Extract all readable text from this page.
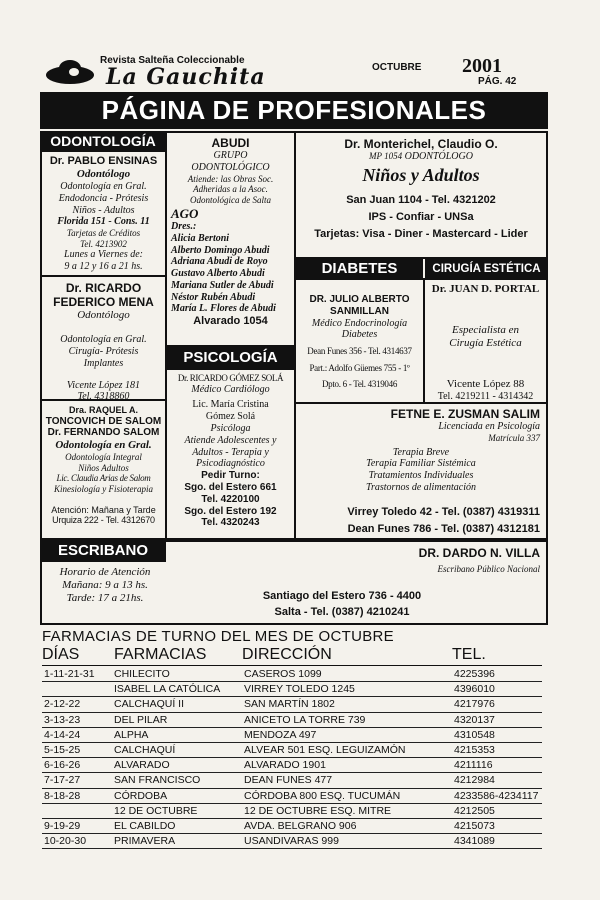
Revista Salteña Coleccionable
La Gauchita	OCTUBRE 2001
PÁG. 42
PÁGINA DE PROFESIONALES
ODONTOLOGÍA
Dr. PABLO ENSINAS
Odontólogo
Odontología en Gral.
Endodoncia - Prótesis
Niños - Adultos
Florida 151 - Cons. 11
Tarjetas de Créditos
Tel. 4213902
Lunes a Viernes de:
9 a 12 y 16 a 21 hs.
Dr. RICARDO
FEDERICO MENA
Odontólogo
Odontología en Gral.
Cirugía- Prótesis
Implantes
Vicente López 181
Tel. 4318860
ABUDI
GRUPO
ODONTOLÓGICO
Atiende: las Obras Soc.
Adheridas a la Asoc.
Odontológica de Salta
AGO
Dres.:
Alicia Bertoni
Alberto Domingo Abudi
Adriana Abudi de Royo
Gustavo Alberto Abudi
Mariana Sutler de Abudi
Néstor Rubén Abudi
María L. Flores de Abudi
Alvarado 1054
Dr. Monterichel, Claudio O.
MP 1054 ODONTÓLOGO
Niños y Adultos
San Juan 1104 - Tel. 4321202
IPS - Confiar - UNSa
Tarjetas: Visa - Diner - Mastercard - Lider
DIABETES
DR. JULIO ALBERTO
SANMILLAN
Médico Endocrinología
Diabetes
Dean Funes 356 - Tel. 4314637
Part.: Adolfo Güemes 755 - 1º
Dpto. 6 - Tel. 4319046
CIRUGÍA ESTÉTICA
Dr. JUAN D. PORTAL
Especialista en
Cirugía Estética
Vicente López 88
Tel. 4219211 - 4314342
PSICOLOGÍA
Dr. RICARDO GÓMEZ SOLÁ
Médico Cardiólogo
Lic. María Cristina
Gómez Solá
Psicóloga
Atiende Adolescentes y
Adultos - Terapia y
Psicodiagnóstico
Pedir Turno:
Sgo. del Estero 661
Tel. 4220100
Sgo. del Estero 192
Tel. 4320243
Dra. RAQUEL A.
TONCOVICH DE SALOM
Dr. FERNANDO SALOM
Odontología en Gral.
Odontología Integral
Niños Adultos
Lic. Claudia Arias de Salom
Kinesiología y Fisioterapia
Atención: Mañana y Tarde
Urquiza 222 - Tel. 4312670
FETNE E. ZUSMAN SALIM
Licenciada en Psicología
Matrícula 337
Terapia Breve
Terapia Familiar Sistémica
Tratamientos Individuales
Trastornos de alimentación
Virrey Toledo 42 - Tel. (0387) 4319311
Dean Funes 786 - Tel. (0387) 4312181
ESCRIBANO
Horario de Atención
Mañana: 9 a 13 hs.
Tarde: 17 a 21hs.
DR. DARDO N. VILLA
Escribano Público Nacional
Santiago del Estero 736 - 4400
Salta - Tel. (0387) 4210241
FARMACIAS DE TURNO DEL MES DE OCTUBRE
DÍAS FARMACIAS DIRECCIÓN	TEL.
1-11-21-31	CHILECITO	CASEROS 1099	4225396
	ISABEL LA CATÓLICA	VIRREY TOLEDO 1245	4396010
2-12-22	CALCHAQUÍ II	SAN MARTÍN 1802	4217976
3-13-23	DEL PILAR	ANICETO LA TORRE 739	4320137
4-14-24	ALPHA	MENDOZA 497	4310548
5-15-25	CALCHAQUÍ	ALVEAR 501 ESQ. LEGUIZAMÓN	4215353
6-16-26	ALVARADO	ALVARADO 1901	4211116
7-17-27	SAN FRANCISCO	DEAN FUNES 477	4212984
8-18-28	CÓRDOBA	CÓRDOBA 800 ESQ. TUCUMÁN	4233586-4234117
	12 DE OCTUBRE	12 DE OCTUBRE ESQ. MITRE	4212505
9-19-29	EL CABILDO	AVDA. BELGRANO 906	4215073
10-20-30	PRIMAVERA	USANDIVARAS 999	4341089
